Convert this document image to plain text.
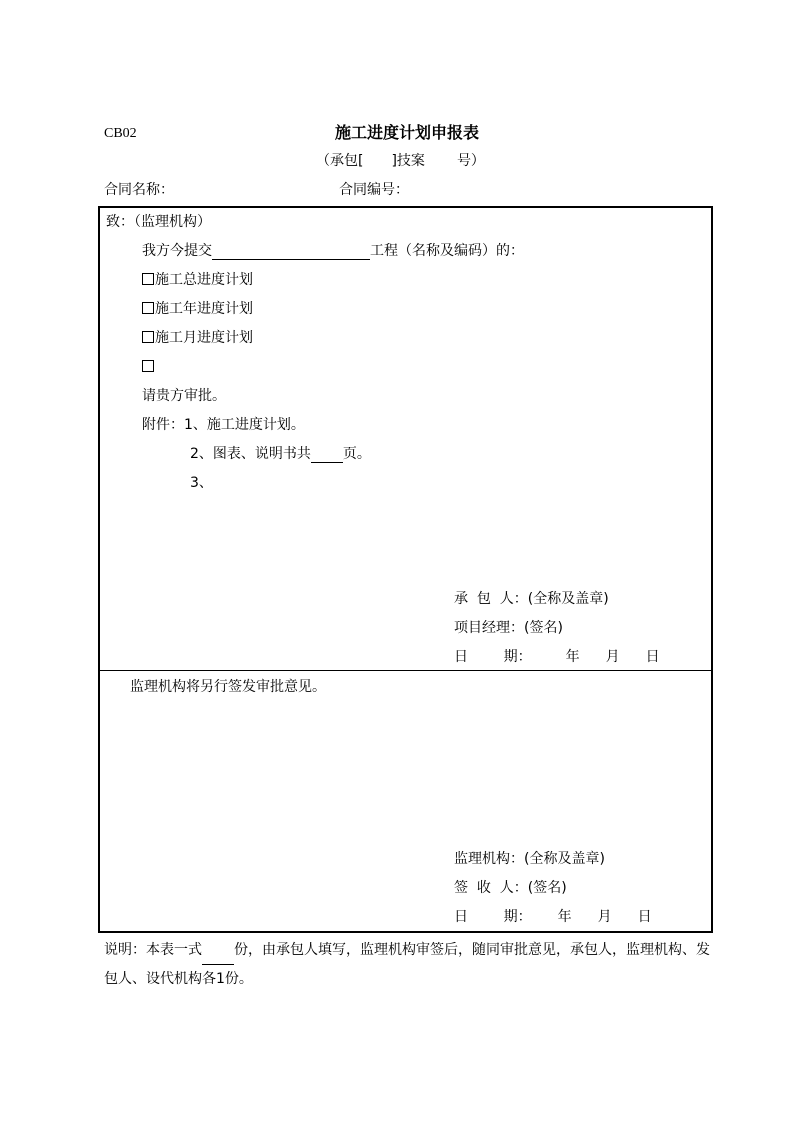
CB02	施工进度计划申报表
（承包[ ]技案 号）
合同名称：	合同编号：
致：（监理机构）
我方今提交	工程（名称及编码）的：
施工总进度计划
施工年进度计划
施工月进度计划
请贵方审批。
附件：1、施工进度计划。
2、图表、说明书共 页。
3、
承  包  人：(全称及盖章)
项目经理：(签名)
日        期： 年 月 日
监理机构将另行签发审批意见。
监理机构：(全称及盖章)
签  收  人：(签名)
日        期： 年 月 日
说明：本表一式 份，由承包人填写，监理机构审签后，随同审批意见，承包人，监理机构、发包人、设代机构各1份。
